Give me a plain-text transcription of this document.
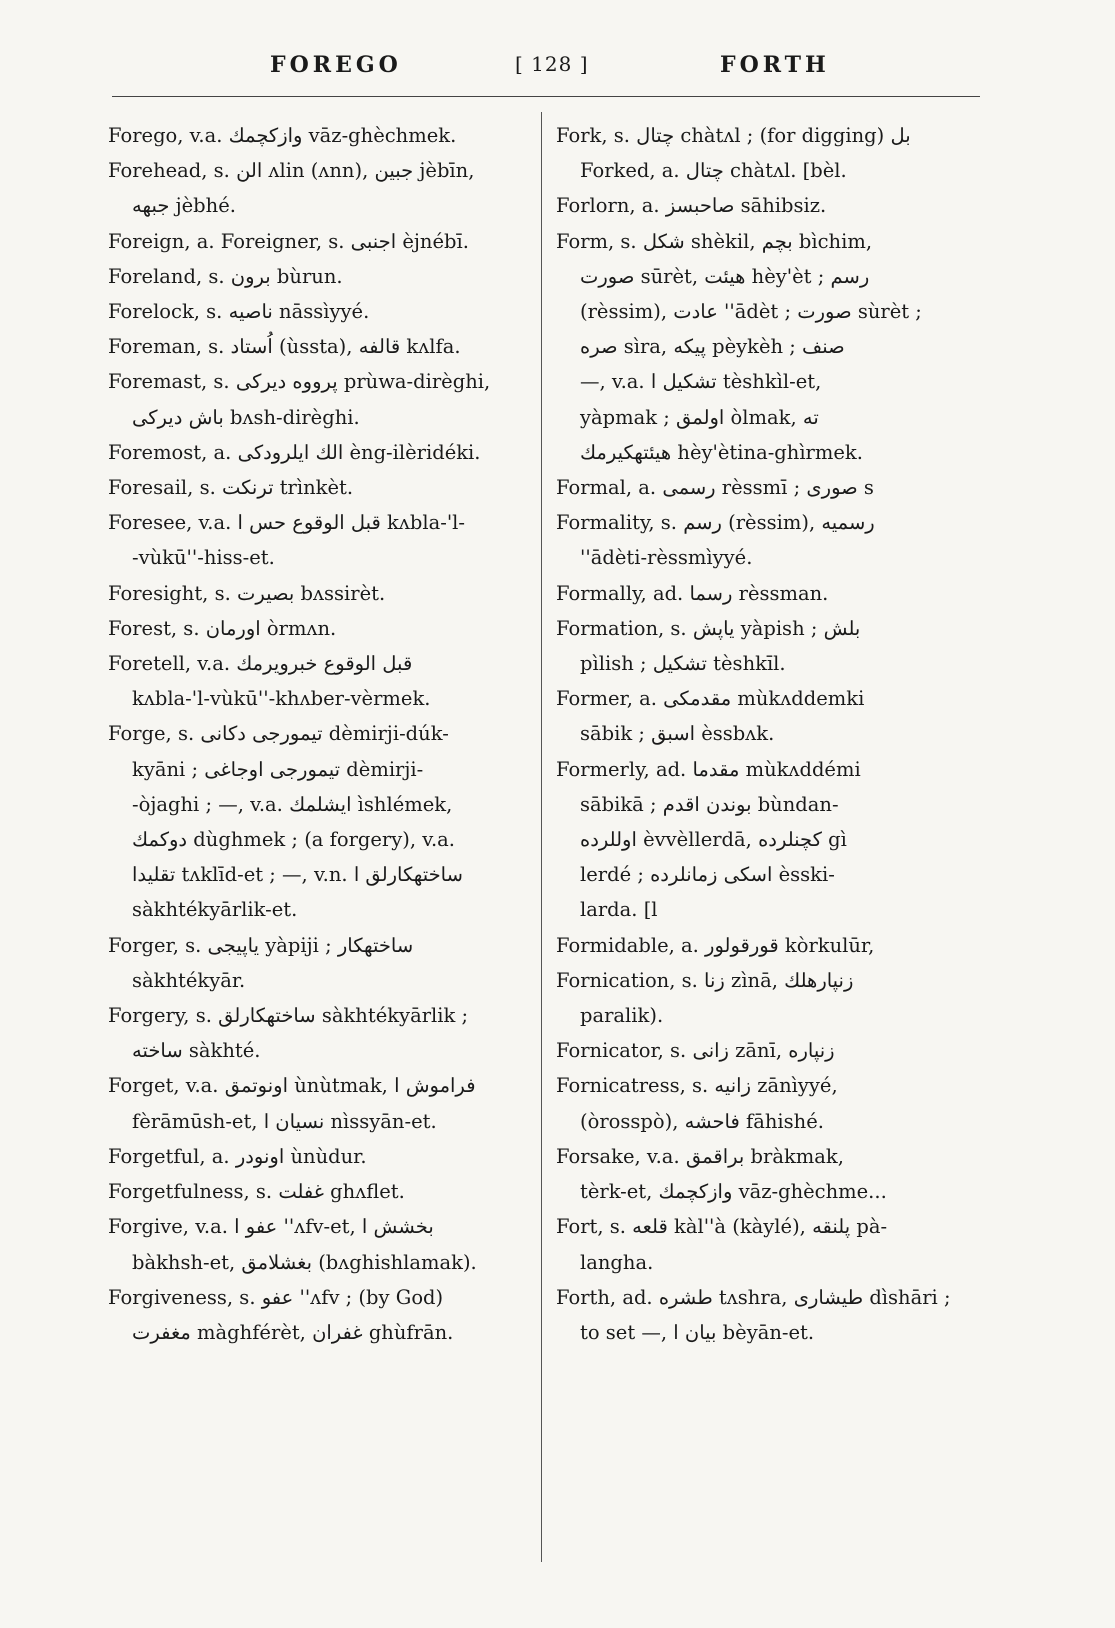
FOREGO	[ 128 ]	FORTH
Forego, v.a. وازکچمك vāz-ghèchmek.
Forehead, s. الن ʌlin (ʌnn), جبين jèbīn,
جبهه jèbhé.
Foreign, a. Foreigner, s. اجنبی èjnébī.
Foreland, s. برون bùrun.
Forelock, s. ناصيه nāssìyyé.
Foreman, s. اُستاد (ùssta), قالفه kʌlfa.
Foremast, s. پرووه ديركی prùwa-dirèghi,
باش ديركی bʌsh-dirèghi.
Foremost, a. الك ايلرودكی èng-ilèridéki.
Foresail, s. ترنكت trìnkèt.
Foresee, v.a. قبل الوقوع حس ا kʌbla-'l-
-vùkū''-hiss-et.
Foresight, s. بصيرت bʌssirèt.
Forest, s. اورمان òrmʌn.
Foretell, v.a. قبل الوقوع خبرويرمك
kʌbla-'l-vùkū''-khʌber-vèrmek.
Forge, s. تيمورجی دكانی dèmirji-dúk-
kyāni ; تيمورجی اوجاغی dèmirji-
-òjaghi ; —, v.a. ايشلمك ìshlémek,
دوكمك dùghmek ; (a forgery), v.a.
تقليدا tʌklīd-et ; —, v.n. ساختهكارلق ا
sàkhtékyārlik-et.
Forger, s. ياپيجی yàpiji ; ساختهكار
sàkhtékyār.
Forgery, s. ساختهكارلق sàkhtékyārlik ;
ساخته sàkhté.
Forget, v.a. اونوتمق ùnùtmak, فراموش ا
fèrāmūsh-et, نسيان ا nìssyān-et.
Forgetful, a. اونودر ùnùdur.
Forgetfulness, s. غفلت ghʌflet.
Forgive, v.a. عفو ا ''ʌfv-et, بخشش ا
bàkhsh-et, بغشلامق (bʌghishlamak).
Forgiveness, s. عفو ''ʌfv ; (by God)
مغفرت màghférèt, غفران ghùfrān.
Fork, s. چتال chàtʌl ; (for digging) بل
Forked, a. چتال chàtʌl. [bèl.
Forlorn, a. صاحبسز sāhibsiz.
Form, s. شكل shèkil, بچم bìchim,
صورت sūrèt, هيئت hèy'èt ; رسم
(rèssim), عادت ''ādèt ; صورت sùrèt ;
صره sìra, پيكه pèykèh ; صنف
—, v.a. تشكيل ا tèshkìl-et,
yàpmak ; اولمق òlmak, ته
هيئتهكيرمك hèy'ètina-ghìrmek.
Formal, a. رسمی rèssmī ; صوری s
Formality, s. رسم (rèssim), رسميه
''ādèti-rèssmìyyé.
Formally, ad. رسما rèssman.
Formation, s. ياپش yàpish ; بلش
pìlish ; تشكيل tèshkīl.
Former, a. مقدمكی mùkʌddemki
sābik ; اسبق èssbʌk.
Formerly, ad. مقدما mùkʌddémi
sābikā ; بوندن اقدم bùndan-
اوللرده èvvèllerdā, كچنلرده gì
lerdé ; اسكی زمانلرده èsski-
larda. [l
Formidable, a. قورقولور kòrkulūr,
Fornication, s. زنا zìnā, زنپارهلك
paralik).
Fornicator, s. زانی zānī, زنپاره
Fornicatress, s. زانيه zānìyyé,
(òrosspò), فاحشه fāhishé.
Forsake, v.a. براقمق bràkmak,
tèrk-et, وازكچمك vāz-ghèchme...
Fort, s. قلعه kàl''à (kàylé), پلنقه pà-
langha.
Forth, ad. طشره tʌshra, طيشاری dìshāri ;
to set —, بيان ا bèyān-et.
